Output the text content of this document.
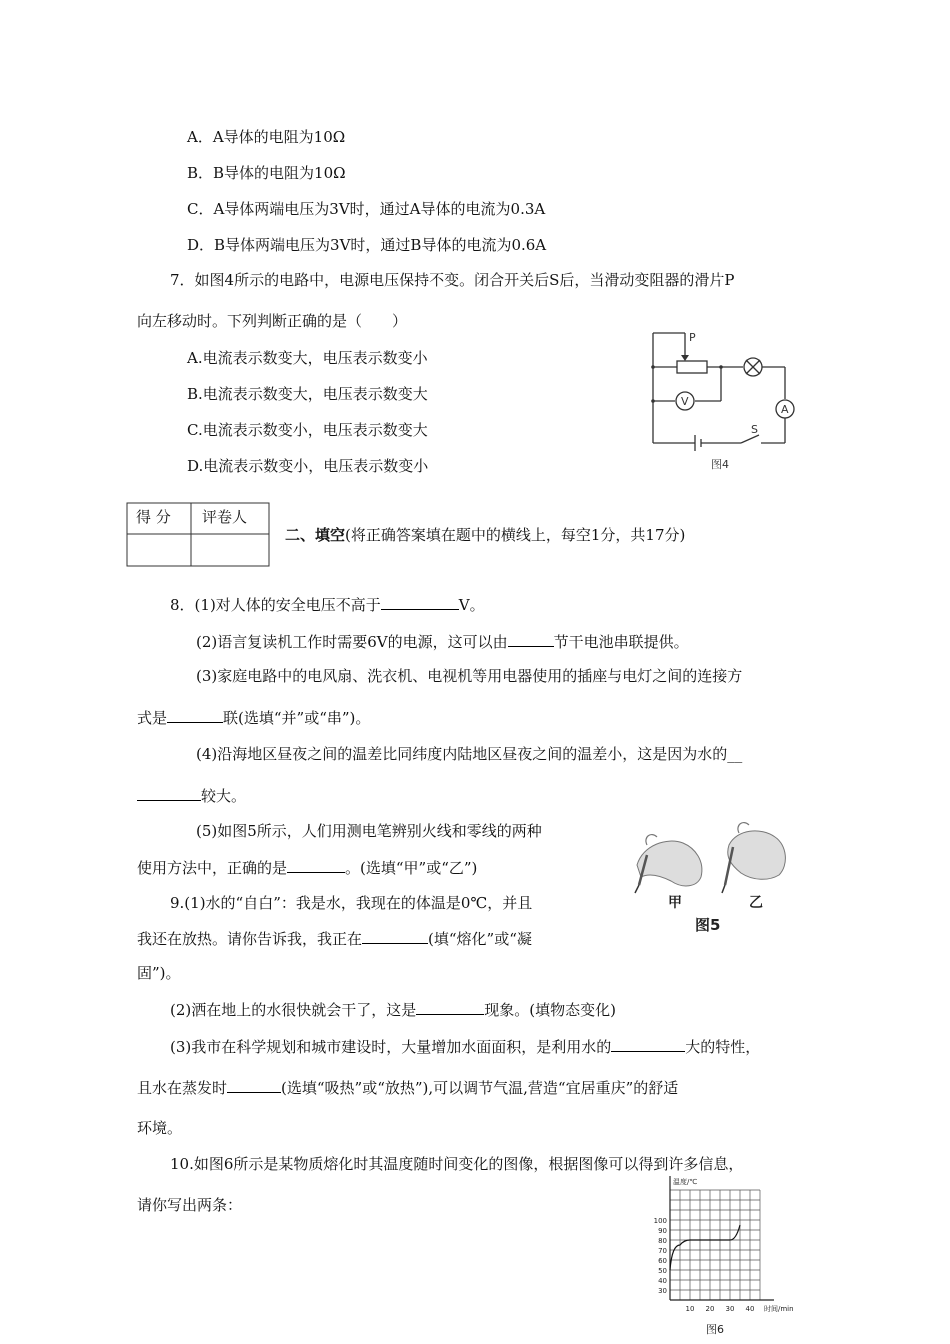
A．A导体的电阻为10Ω
B．B导体的电阻为10Ω
C．A导体两端电压为3V时，通过A导体的电流为0.3A
D．B导体两端电压为3V时，通过B导体的电流为0.6A
7．如图4所示的电路中，电源电压保持不变。闭合开关后S后，当滑动变阻器的滑片P
向左移动时。下列判断正确的是（　　）
A.电流表示数变大，电压表示数变小
B.电流表示数变大，电压表示数变大
C.电流表示数变小，电压表示数变大
D.电流表示数变小，电压表示数变小
P
V
A
S
图4
得 分 评卷人
二、填空(将正确答案填在题中的横线上，每空1分，共17分)
8．(1)对人体的安全电压不高于	V。
(2)语言复读机工作时需要6V的电源，这可以由	节干电池串联提供。
(3)家庭电路中的电风扇、洗衣机、电视机等用电器使用的插座与电灯之间的连接方
式是	联(选填“并”或“串”)。
(4)沿海地区昼夜之间的温差比同纬度内陆地区昼夜之间的温差小，这是因为水的__
较大。
(5)如图5所示，人们用测电笔辨别火线和零线的两种
使用方法中，正确的是	。(选填“甲”或“乙”)
甲	乙
图5
9.(1)水的“自白”：我是水，我现在的体温是0℃，并且
我还在放热。请你告诉我，我正在	(填“熔化”或“凝
固”)。
(2)洒在地上的水很快就会干了，这是	现象。(填物态变化)
(3)我市在科学规划和城市建设时，大量增加水面面积，是利用水的	大的特性，
且水在蒸发时	(选填“吸热”或“放热”),可以调节气温,营造“宜居重庆”的舒适
环境。
10.如图6所示是某物质熔化时其温度随时间变化的图像，根据图像可以得到许多信息，
请你写出两条：
30
40
50
60
70
80
90
100
10 20 30 40
温度/℃
时间/min
图6
